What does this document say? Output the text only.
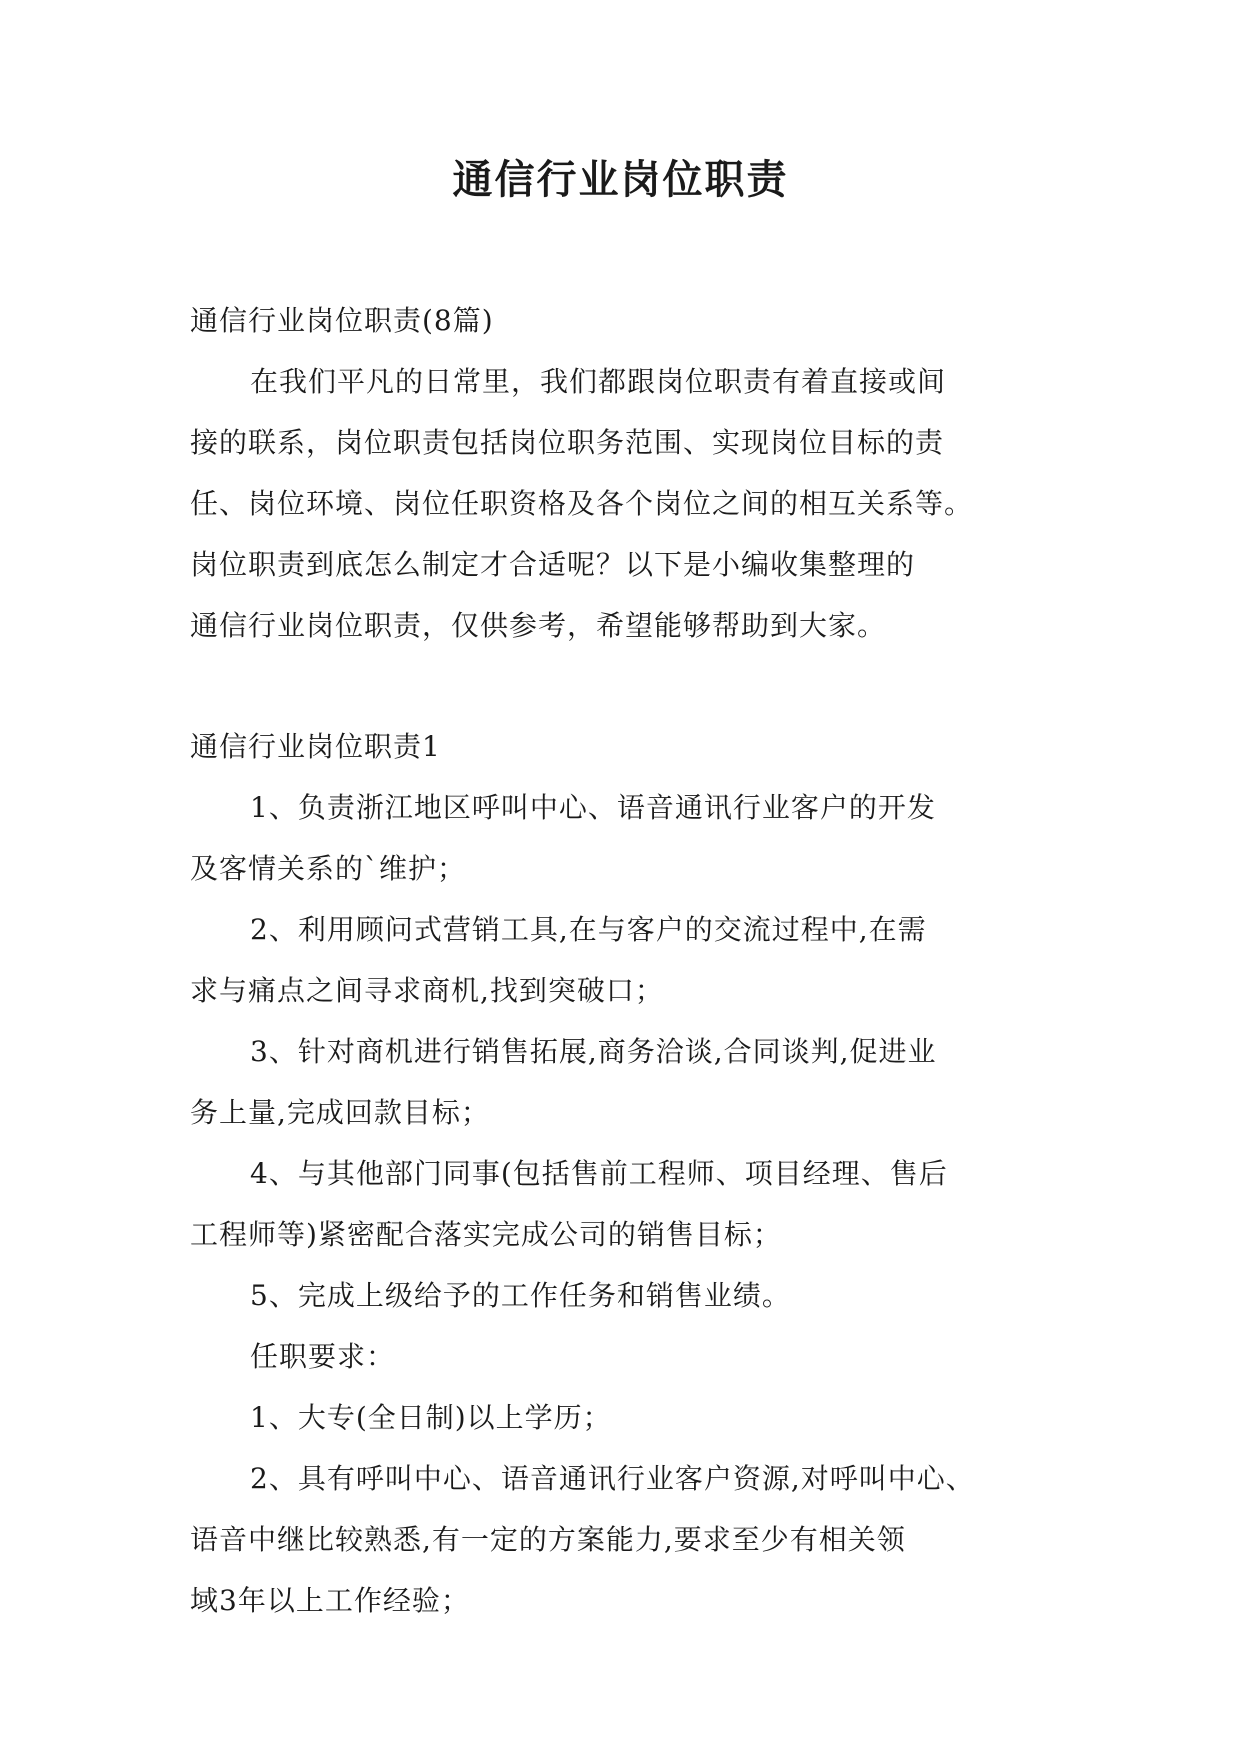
通信行业岗位职责

通信行业岗位职责(8篇)

在我们平凡的日常里，我们都跟岗位职责有着直接或间

接的联系，岗位职责包括岗位职务范围、实现岗位目标的责

任、岗位环境、岗位任职资格及各个岗位之间的相互关系等。

岗位职责到底怎么制定才合适呢？以下是小编收集整理的

通信行业岗位职责，仅供参考，希望能够帮助到大家。

通信行业岗位职责1

1、负责浙江地区呼叫中心、语音通讯行业客户的开发

及客情关系的`维护；

2、利用顾问式营销工具,在与客户的交流过程中,在需

求与痛点之间寻求商机,找到突破口；

3、针对商机进行销售拓展,商务洽谈,合同谈判,促进业

务上量,完成回款目标；

4、与其他部门同事(包括售前工程师、项目经理、售后

工程师等)紧密配合落实完成公司的销售目标；

5、完成上级给予的工作任务和销售业绩。

任职要求：

1、大专(全日制)以上学历；

2、具有呼叫中心、语音通讯行业客户资源,对呼叫中心、

语音中继比较熟悉,有一定的方案能力,要求至少有相关领

域3年以上工作经验；
